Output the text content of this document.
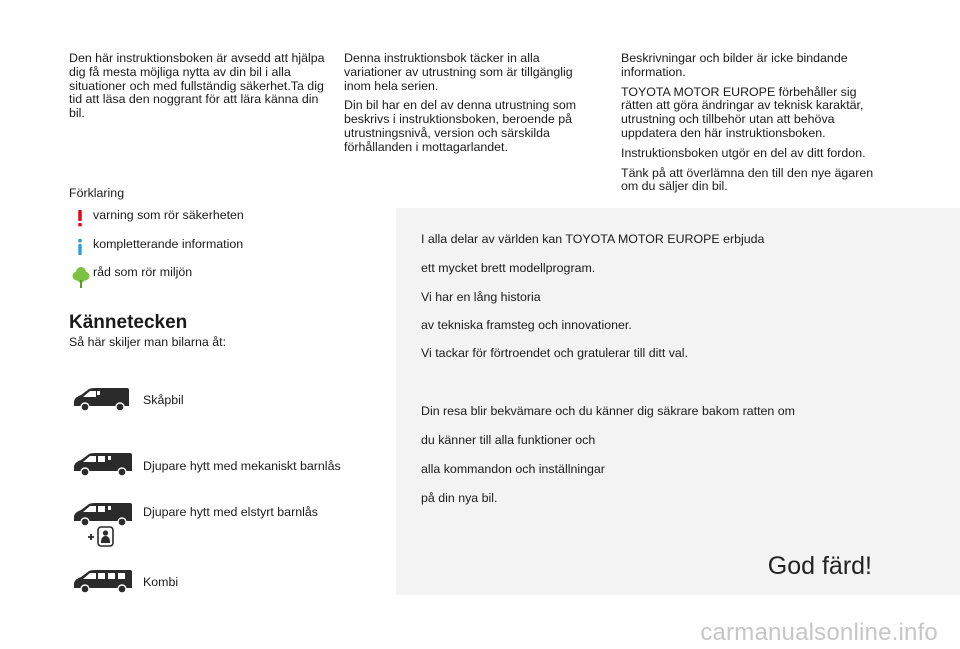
Den här instruktionsboken är avsedd att hjälpa dig få mesta möjliga nytta av din bil i alla situationer och med fullständig säkerhet.Ta dig tid att läsa den noggrant för att lära känna din bil.

Denna instruktionsbok täcker in alla variationer av utrustning som är tillgänglig inom hela serien.

Din bil har en del av denna utrustning som beskrivs i instruktionsboken, beroende på utrustningsnivå, version och särskilda förhållanden i mottagarlandet.

Beskrivningar och bilder är icke bindande information.

TOYOTA MOTOR EUROPE förbehåller sig rätten att göra ändringar av teknisk karaktär, utrustning och tillbehör utan att behöva uppdatera den här instruktionsboken.

Instruktionsboken utgör en del av ditt fordon.

Tänk på att överlämna den till den nye ägaren om du säljer din bil.

Förklaring
varning som rör säkerheten
kompletterande information
råd som rör miljön
Kännetecken
Så här skiljer man bilarna åt:
Skåpbil
Djupare hytt med mekaniskt barnlås
Djupare hytt med elstyrt barnlås
Kombi
I alla delar av världen kan TOYOTA MOTOR EUROPE erbjuda
ett mycket brett modellprogram.
Vi har en lång historia
av tekniska framsteg och innovationer.
Vi tackar för förtroendet och gratulerar till ditt val.
Din resa blir bekvämare och du känner dig säkrare bakom ratten om
du känner till alla funktioner och
alla kommandon och inställningar
på din nya bil.
God färd!
carmanualsonline.info
